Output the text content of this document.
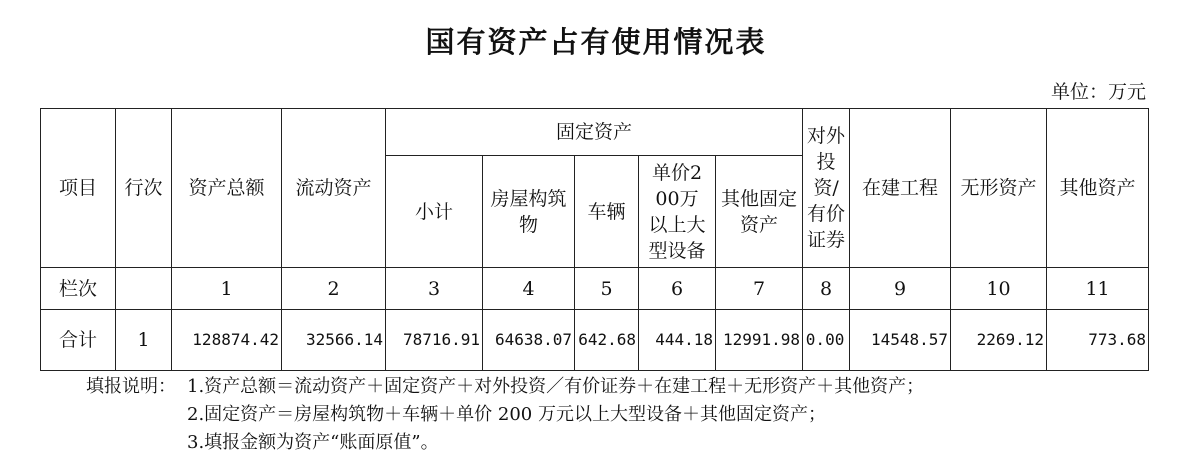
国有资产占有使用情况表
单位：万元
项目	行次	资产总额	流动资产	固定资产					对外投资/有价证券	在建工程	无形资产	其他资产
				小计	房屋构筑物	车辆	单价200万以上大型设备	其他固定资产				

栏次		1	2	3	4	5	6	7	8	9	10	11
合计	1	128874.42	32566.14	78716.91	64638.07	642.68	444.18	12991.98	0.00	14548.57	2269.12	773.68
填报说明： 1.资产总额＝流动资产＋固定资产＋对外投资／有价证券＋在建工程＋无形资产＋其他资产；
2.固定资产＝房屋构筑物＋车辆＋单价 200 万元以上大型设备＋其他固定资产；
3.填报金额为资产“账面原值”。
